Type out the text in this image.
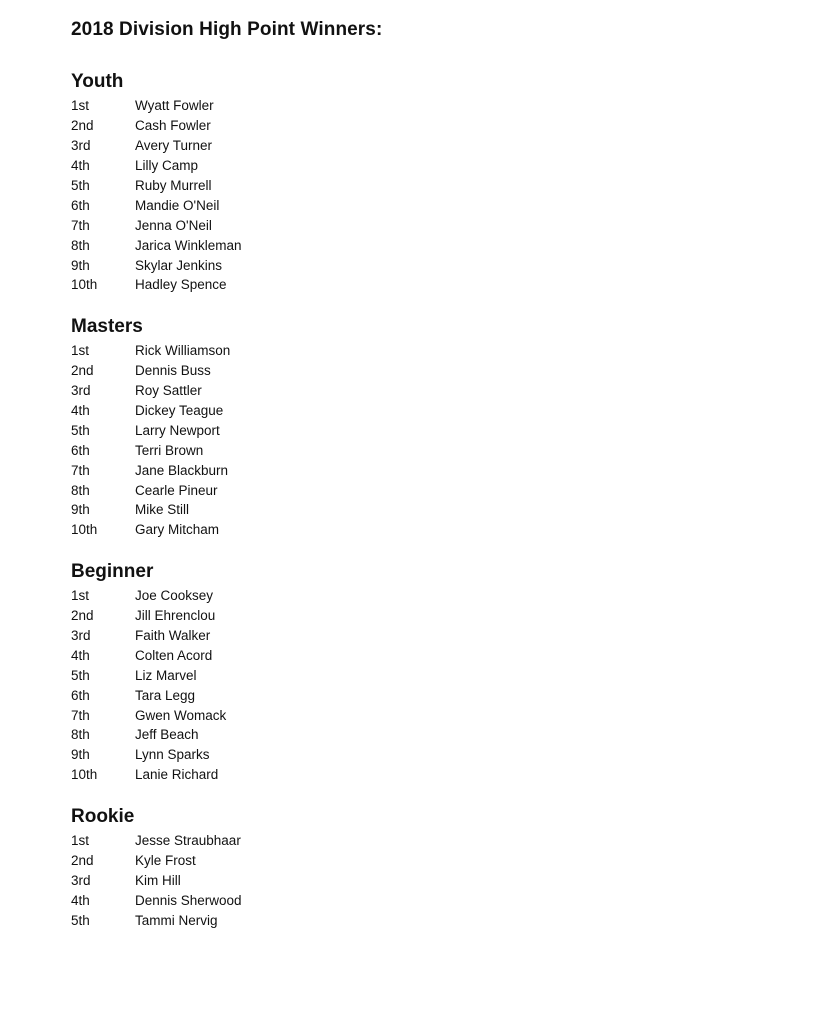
2018 Division High Point Winners:
Youth
1st	Wyatt Fowler
2nd	Cash Fowler
3rd	Avery Turner
4th	Lilly Camp
5th	Ruby Murrell
6th	Mandie O'Neil
7th	Jenna O'Neil
8th	Jarica Winkleman
9th	Skylar Jenkins
10th	Hadley Spence
Masters
1st	Rick Williamson
2nd	Dennis Buss
3rd	Roy Sattler
4th	Dickey Teague
5th	Larry Newport
6th	Terri Brown
7th	Jane Blackburn
8th	Cearle Pineur
9th	Mike Still
10th	Gary Mitcham
Beginner
1st	Joe Cooksey
2nd	Jill Ehrenclou
3rd	Faith Walker
4th	Colten Acord
5th	Liz Marvel
6th	Tara Legg
7th	Gwen Womack
8th	Jeff Beach
9th	Lynn Sparks
10th	Lanie Richard
Rookie
1st	Jesse Straubhaar
2nd	Kyle Frost
3rd	Kim Hill
4th	Dennis Sherwood
5th	Tammi Nervig
